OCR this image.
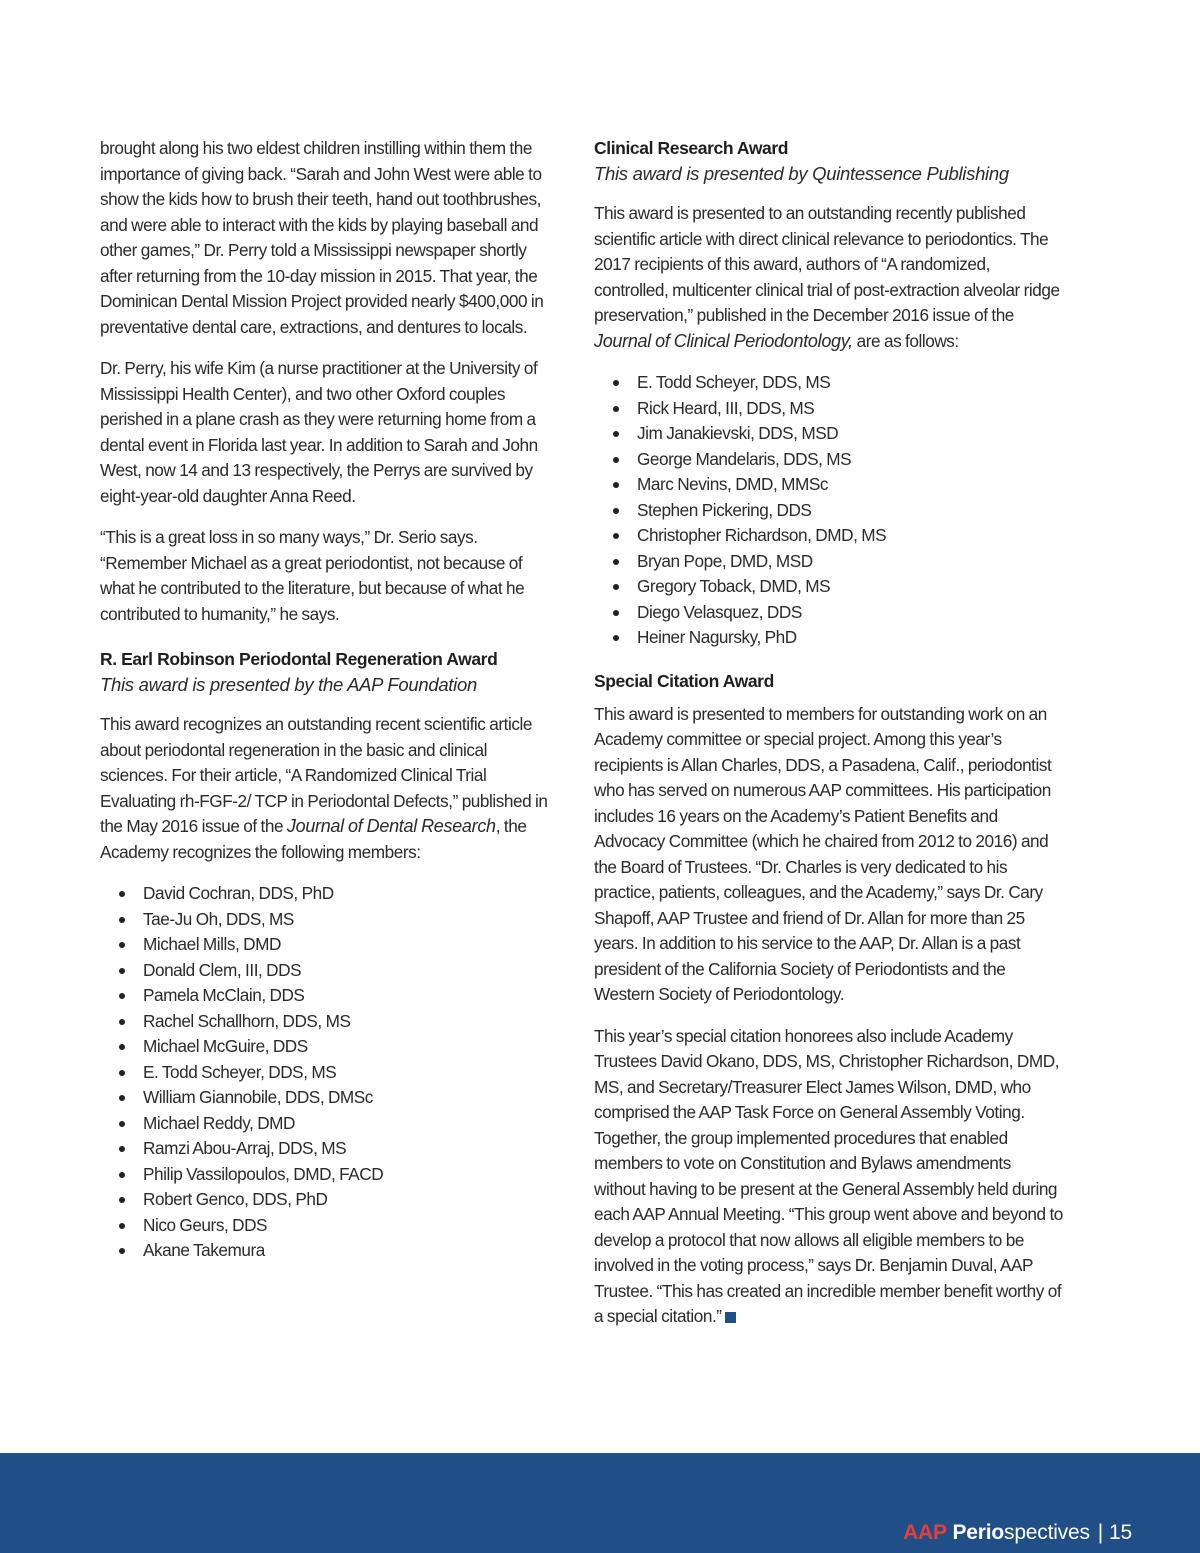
brought along his two eldest children instilling within them the importance of giving back. “Sarah and John West were able to show the kids how to brush their teeth, hand out toothbrushes, and were able to interact with the kids by playing baseball and other games,” Dr. Perry told a Mississippi newspaper shortly after returning from the 10-day mission in 2015. That year, the Dominican Dental Mission Project provided nearly $400,000 in preventative dental care, extractions, and dentures to locals.

Dr. Perry, his wife Kim (a nurse practitioner at the University of Mississippi Health Center), and two other Oxford couples perished in a plane crash as they were returning home from a dental event in Florida last year. In addition to Sarah and John West, now 14 and 13 respectively, the Perrys are survived by eight-year-old daughter Anna Reed.

“This is a great loss in so many ways,” Dr. Serio says. “Remember Michael as a great periodontist, not because of what he contributed to the literature, but because of what he contributed to humanity,” he says.

R. Earl Robinson Periodontal Regeneration Award
This award is presented by the AAP Foundation

This award recognizes an outstanding recent scientific article about periodontal regeneration in the basic and clinical sciences. For their article, “A Randomized Clinical Trial Evaluating rh-FGF-2/ TCP in Periodontal Defects,” published in the May 2016 issue of the Journal of Dental Research, the Academy recognizes the following members:

David Cochran, DDS, PhD
Tae-Ju Oh, DDS, MS
Michael Mills, DMD
Donald Clem, III, DDS
Pamela McClain, DDS
Rachel Schallhorn, DDS, MS
Michael McGuire, DDS
E. Todd Scheyer, DDS, MS
William Giannobile, DDS, DMSc
Michael Reddy, DMD
Ramzi Abou-Arraj, DDS, MS
Philip Vassilopoulos, DMD, FACD
Robert Genco, DDS, PhD
Nico Geurs, DDS
Akane Takemura
Clinical Research Award
This award is presented by Quintessence Publishing

This award is presented to an outstanding recently published scientific article with direct clinical relevance to periodontics. The 2017 recipients of this award, authors of “A randomized, controlled, multicenter clinical trial of post-extraction alveolar ridge preservation,” published in the December 2016 issue of the Journal of Clinical Periodontology, are as follows:

E. Todd Scheyer, DDS, MS
Rick Heard, III, DDS, MS
Jim Janakievski, DDS, MSD
George Mandelaris, DDS, MS
Marc Nevins, DMD, MMSc
Stephen Pickering, DDS
Christopher Richardson, DMD, MS
Bryan Pope, DMD, MSD
Gregory Toback, DMD, MS
Diego Velasquez, DDS
Heiner Nagursky, PhD
Special Citation Award

This award is presented to members for outstanding work on an Academy committee or special project. Among this year’s recipients is Allan Charles, DDS, a Pasadena, Calif., periodontist who has served on numerous AAP committees. His participation includes 16 years on the Academy’s Patient Benefits and Advocacy Committee (which he chaired from 2012 to 2016) and the Board of Trustees. “Dr. Charles is very dedicated to his practice, patients, colleagues, and the Academy,” says Dr. Cary Shapoff, AAP Trustee and friend of Dr. Allan for more than 25 years. In addition to his service to the AAP, Dr. Allan is a past president of the California Society of Periodontists and the Western Society of Periodontology.

This year’s special citation honorees also include Academy Trustees David Okano, DDS, MS, Christopher Richardson, DMD, MS, and Secretary/Treasurer Elect James Wilson, DMD, who comprised the AAP Task Force on General Assembly Voting. Together, the group implemented procedures that enabled members to vote on Constitution and Bylaws amendments without having to be present at the General Assembly held during each AAP Annual Meeting. “This group went above and beyond to develop a protocol that now allows all eligible members to be involved in the voting process,” says Dr. Benjamin Duval, AAP Trustee. “This has created an incredible member benefit worthy of a special citation.”

AAP Periospectives | 15
